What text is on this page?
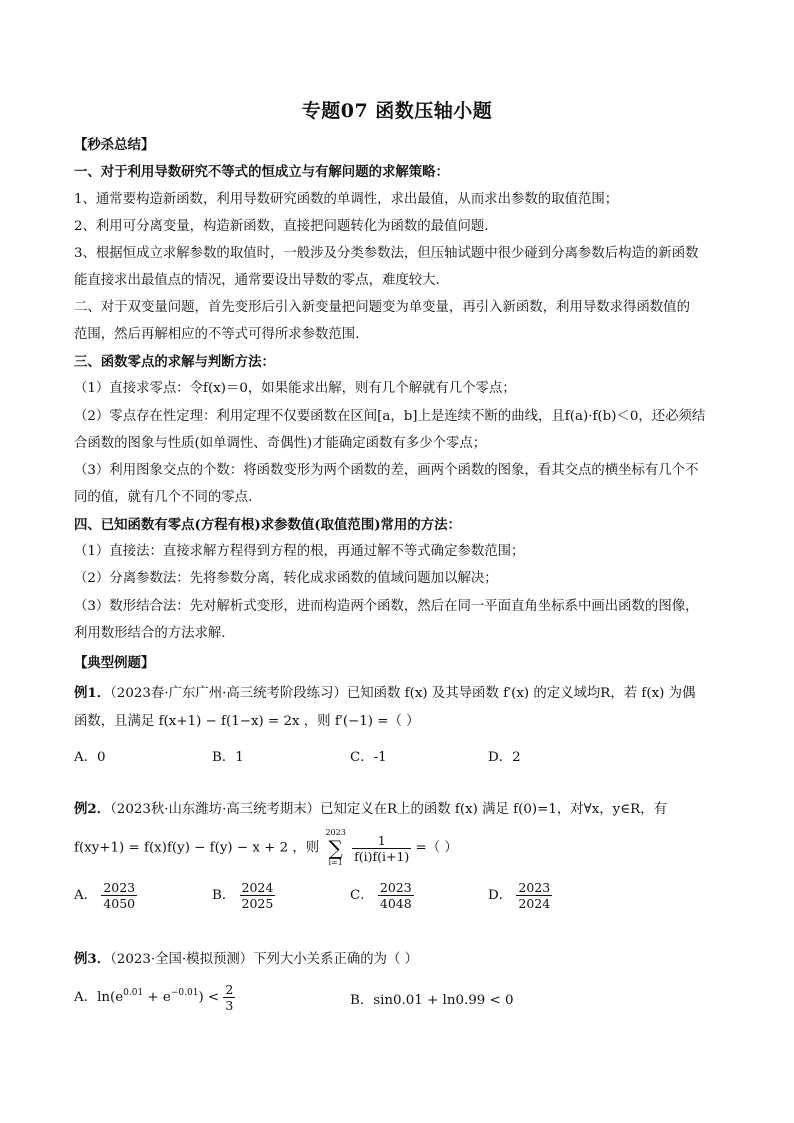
专题07 函数压轴小题
【秒杀总结】
一、对于利用导数研究不等式的恒成立与有解问题的求解策略：
1、通常要构造新函数，利用导数研究函数的单调性，求出最值，从而求出参数的取值范围；
2、利用可分离变量，构造新函数，直接把问题转化为函数的最值问题．
3、根据恒成立求解参数的取值时，一般涉及分类参数法，但压轴试题中很少碰到分离参数后构造的新函数
能直接求出最值点的情况，通常要设出导数的零点，难度较大.
二、对于双变量问题，首先变形后引入新变量把问题变为单变量，再引入新函数，利用导数求得函数值的
范围，然后再解相应的不等式可得所求参数范围．
三、函数零点的求解与判断方法：
（1）直接求零点：令f(x)＝0，如果能求出解，则有几个解就有几个零点；
（2）零点存在性定理：利用定理不仅要函数在区间[a，b]上是连续不断的曲线，且f(a)·f(b)＜0，还必须结
合函数的图象与性质(如单调性、奇偶性)才能确定函数有多少个零点；
（3）利用图象交点的个数：将函数变形为两个函数的差，画两个函数的图象，看其交点的横坐标有几个不
同的值，就有几个不同的零点.
四、已知函数有零点(方程有根)求参数值(取值范围)常用的方法：
（1）直接法：直接求解方程得到方程的根，再通过解不等式确定参数范围；
（2）分离参数法：先将参数分离，转化成求函数的值域问题加以解决；
（3）数形结合法：先对解析式变形，进而构造两个函数，然后在同一平面直角坐标系中画出函数的图像，
利用数形结合的方法求解.
【典型例题】
例1．（2023春·广东广州·高三统考阶段练习）已知函数 f(x) 及其导函数 f′(x) 的定义域均R，若 f(x) 为偶
函数，且满足 f(x+1) − f(1−x) = 2x ，则 f′(−1) =（ ）
A．0	B．1	C．-1	D．2
例2．（2023秋·山东潍坊·高三统考期末）已知定义在R上的函数 f(x) 满足 f(0)=1，对∀x，y∈R，有
f(xy+1) = f(x)f(y) − f(y) − x + 2 ，则
2023
∑
i=1
$\frac{1}{f(i)f(i+1)}$ =（ ）
A． $\frac{2023}{4050}$	B． $\frac{2024}{2025}$	C． $\frac{2023}{4048}$	D． $\frac{2023}{2024}$
例3．（2023·全国·模拟预测）下列大小关系正确的为（ ）
A．$\ln(e^{0.01} + e^{-0.01}) < \frac{2}{3}$	B．sin0.01 + ln0.99 < 0
